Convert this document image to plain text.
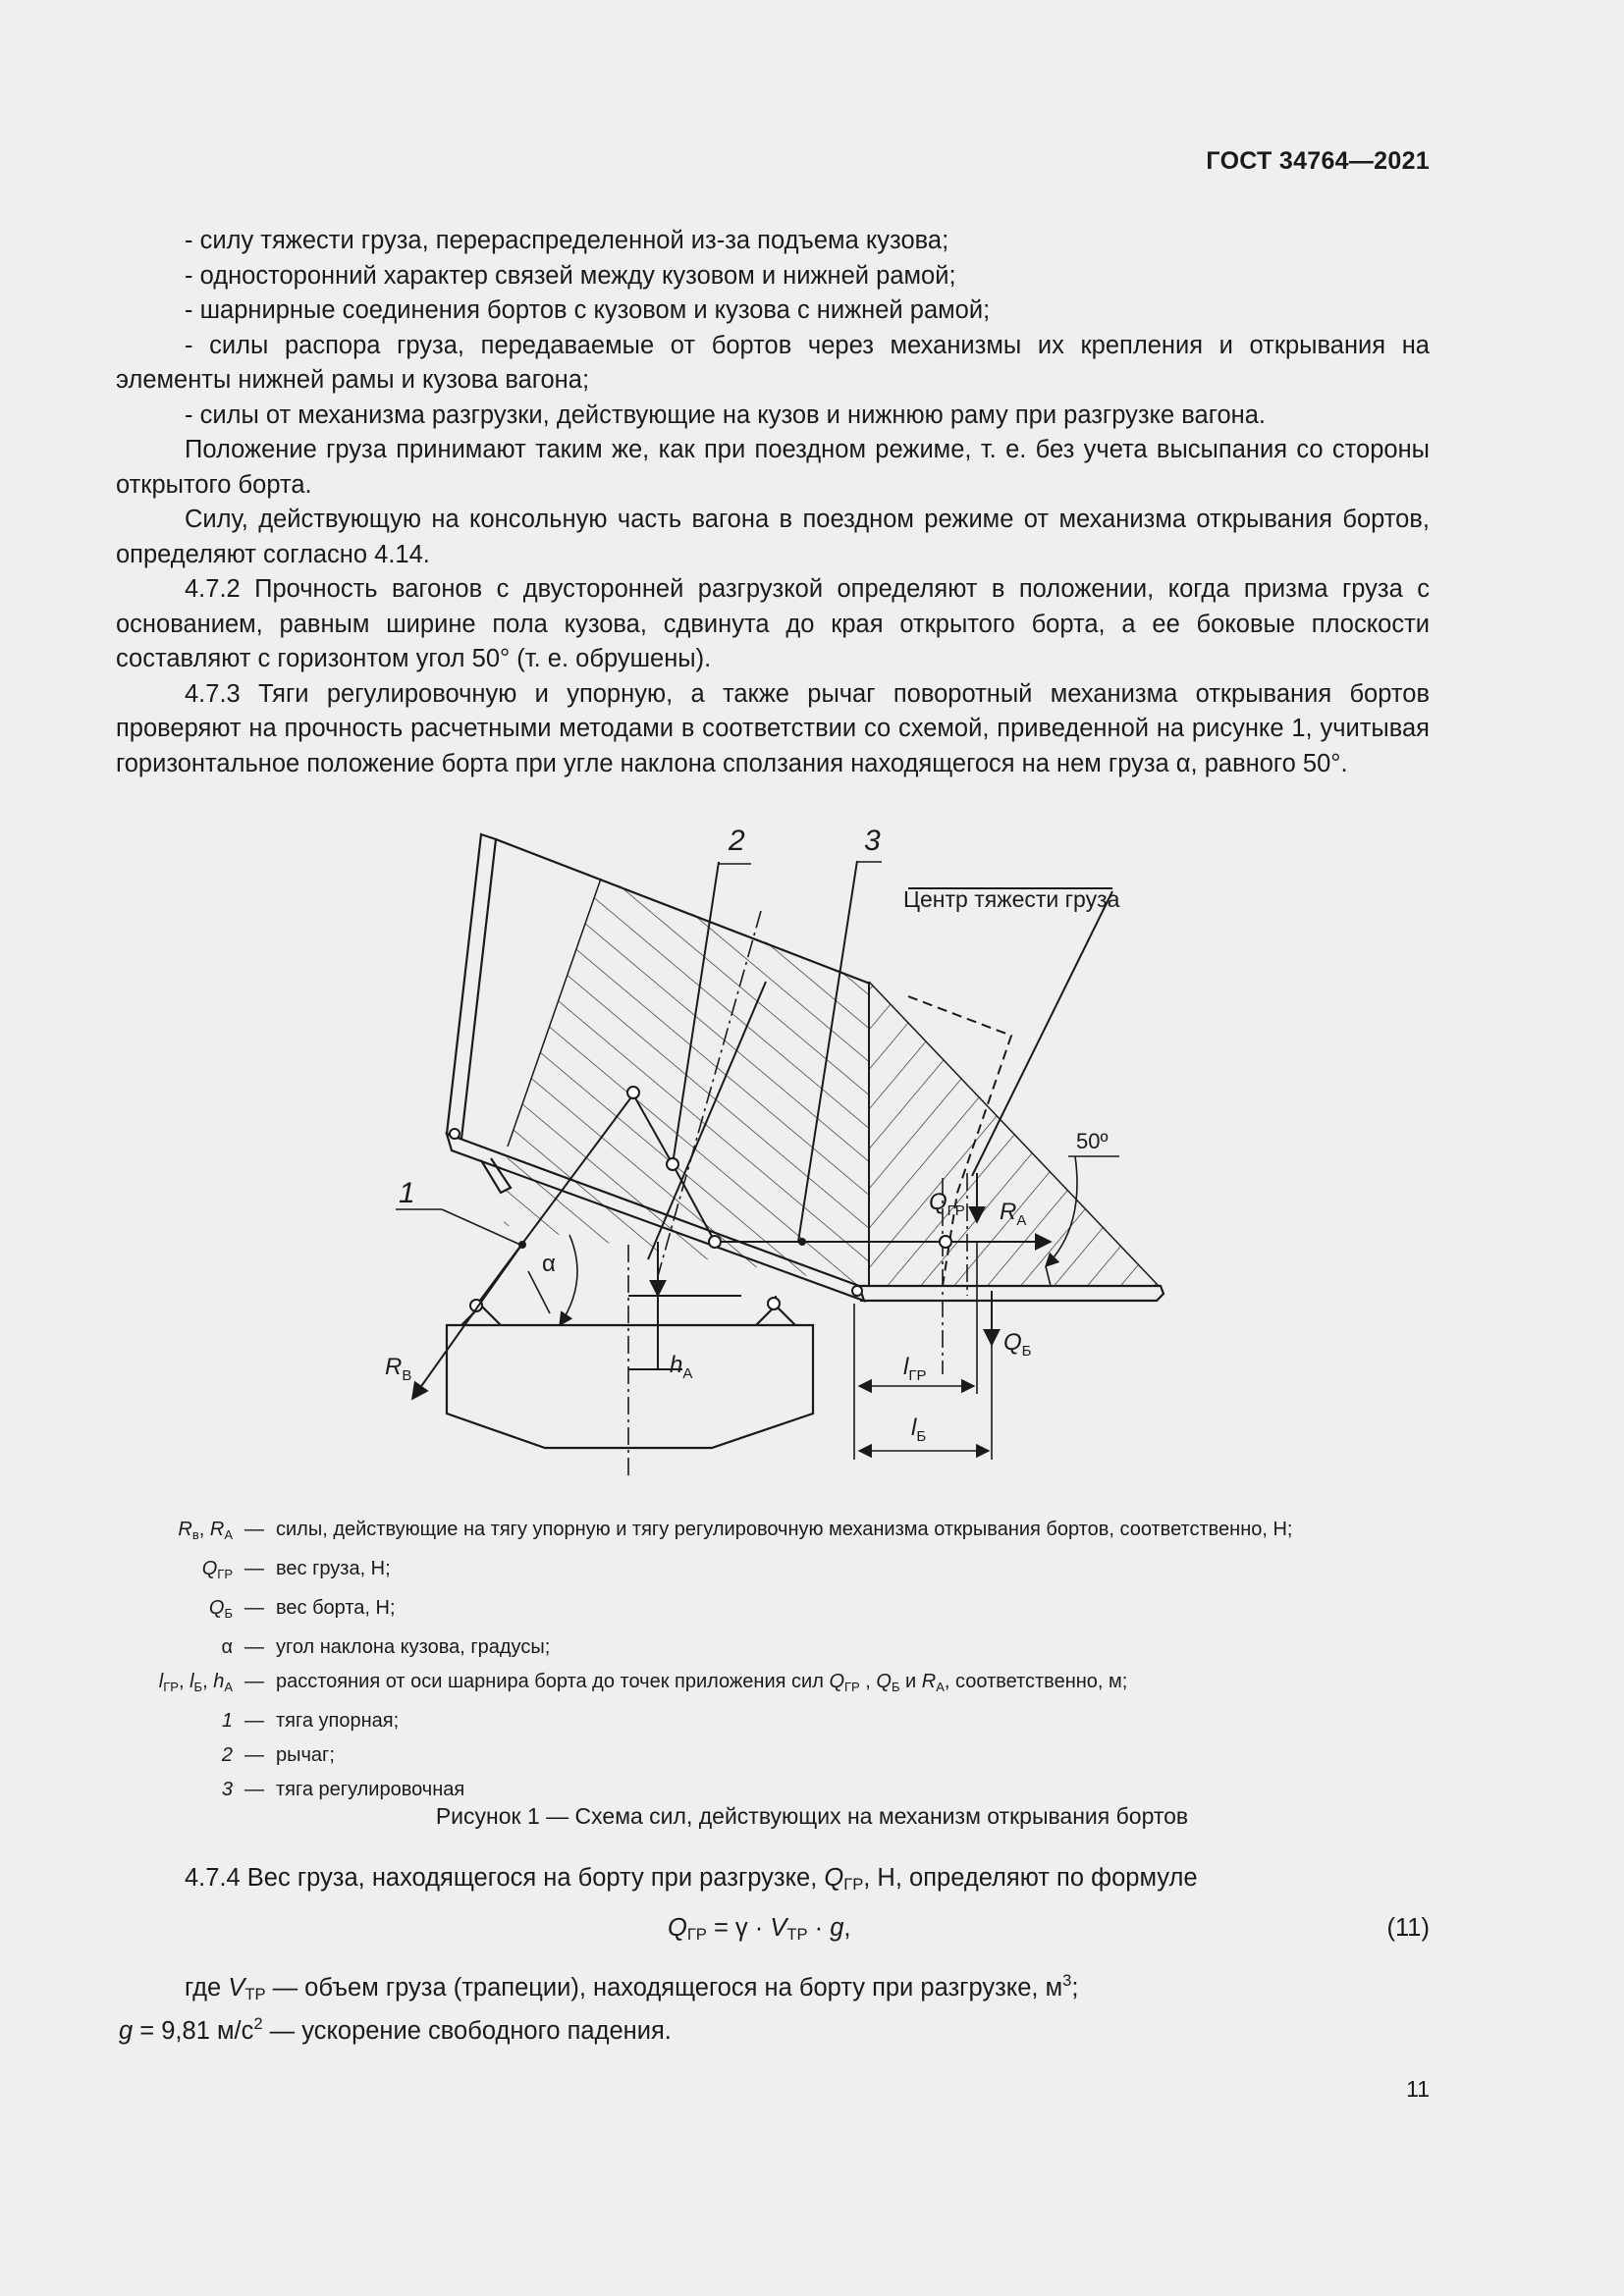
ГОСТ 34764—2021

- силу тяжести груза, перераспределенной из-за подъема кузова;

- односторонний характер связей между кузовом и нижней рамой;

- шарнирные соединения бортов с кузовом и кузова с нижней рамой;

- силы распора груза, передаваемые от бортов через механизмы их крепления и открывания на элементы нижней рамы и кузова вагона;

- силы от механизма разгрузки, действующие на кузов и нижнюю раму при разгрузке вагона.

Положение груза принимают таким же, как при поездном режиме, т. е. без учета высыпания со стороны открытого борта.

Силу, действующую на консольную часть вагона в поездном режиме от механизма открывания бортов, определяют согласно 4.14.

4.7.2 Прочность вагонов с двусторонней разгрузкой определяют в положении, когда призма груза с основанием, равным ширине пола кузова, сдвинута до края открытого борта, а ее боковые плоскости составляют с горизонтом угол 50° (т. е. обрушены).

4.7.3 Тяги регулировочную и упорную, а также рычаг поворотный механизма открывания бортов проверяют на прочность расчетными методами в соответствии со схемой, приведенной на рисунке 1, учитывая горизонтальное положение борта при угле наклона сползания находящегося на нем груза α, равного 50°.

1
2	3
Центр тяжести груза
50º
α
$Q_{ГР}$ $R_А$
$Q_Б$
$R_В$	$h_А$	$l_{ГР}$
$l_Б$
$R_в$, $R_A$	—	силы, действующие на тягу упорную и тягу регулировочную механизма открывания бортов, соответственно, Н;
$Q_{ГР}$	—	вес груза, Н;
$Q_Б$	—	вес борта, Н;
α	—	угол наклона кузова, градусы;
$l_{ГР}$, $l_Б$, $h_A$	—	расстояния от оси шарнира борта до точек приложения сил $Q_{ГР}$ , $Q_Б$ и $R_А$, соответственно, м;
1	—	тяга упорная;
2	—	рычаг;
3	—	тяга регулировочная
Рисунок 1 — Схема сил, действующих на механизм открывания бортов
4.7.4 Вес груза, находящегося на борту при разгрузке, $Q_{ГР}$, Н, определяют по формуле
$Q_{ГР} = \gamma \cdot V_{ТР} \cdot g$,	(11)
где $V_{ТР}$ — объем груза (трапеции), находящегося на борту при разгрузке, $м^3$;
g = 9,81 $м/с^2$ — ускорение свободного падения.
11
